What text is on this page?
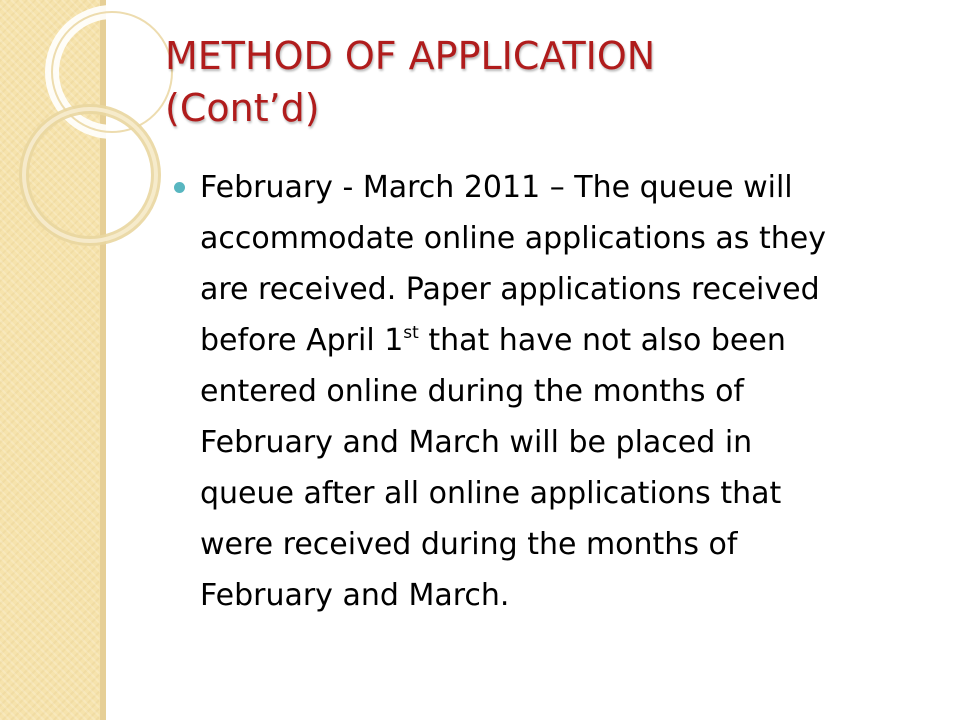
METHOD OF APPLICATION
(Cont’d)
February - March 2011 – The queue will
accommodate online applications as they
are received. Paper applications received
before April 1st that have not also been
entered online during the months of
February and March will be placed in
queue after all online applications that
were received during the months of
February and March.
